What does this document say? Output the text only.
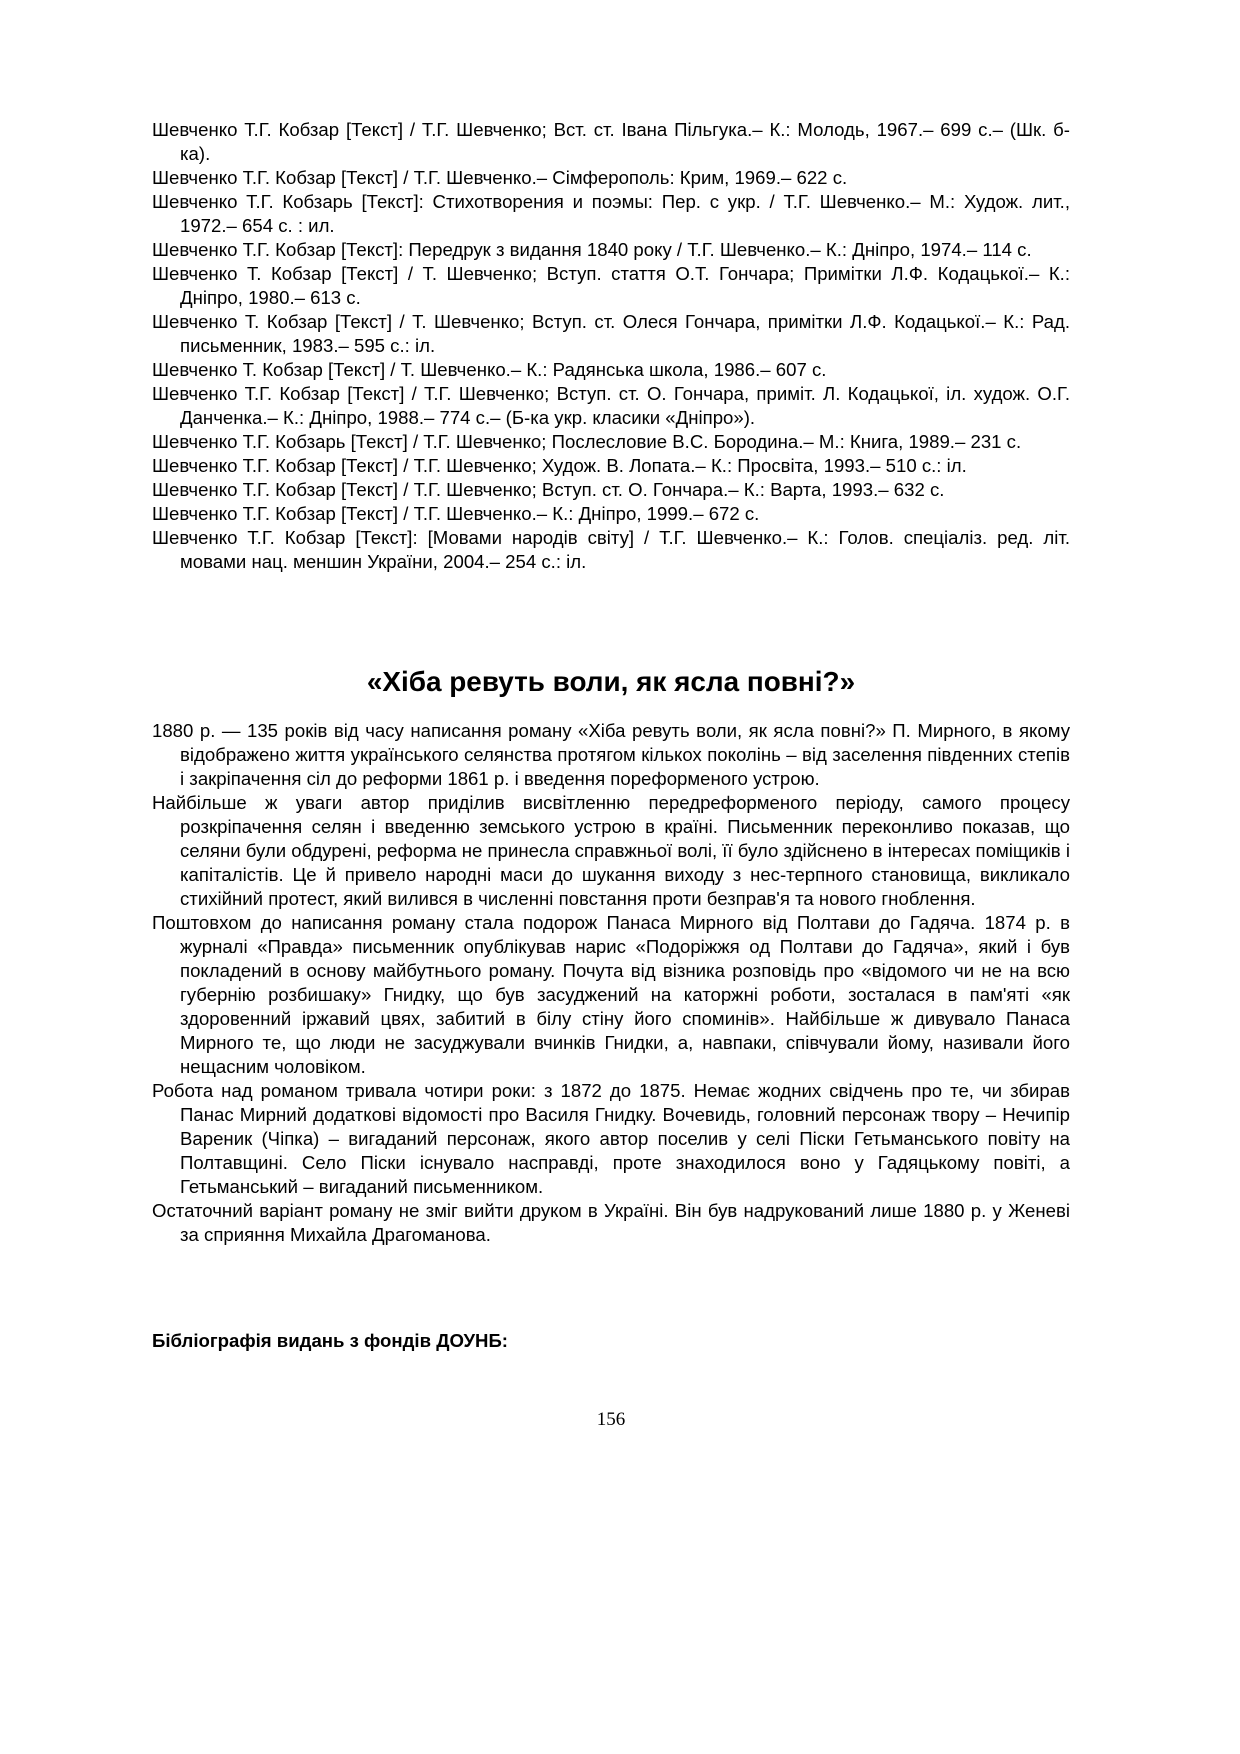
Шевченко Т.Г. Кобзар [Текст] / Т.Г. Шевченко; Вст. ст. Івана Пільгука.– К.: Молодь, 1967.– 699 с.– (Шк. б-ка).

Шевченко Т.Г. Кобзар [Текст] / Т.Г. Шевченко.– Сімферополь: Крим, 1969.– 622 с.

Шевченко Т.Г. Кобзарь [Текст]: Стихотворения и поэмы: Пер. с укр. / Т.Г. Шевченко.– М.: Худож. лит., 1972.– 654 с. : ил.

Шевченко Т.Г. Кобзар [Текст]: Передрук з видання 1840 року / Т.Г. Шевченко.– К.: Дніпро, 1974.– 114 с.

Шевченко Т. Кобзар [Текст] / Т. Шевченко; Вступ. стаття О.Т. Гончара; Примітки Л.Ф. Кодацької.– К.: Дніпро, 1980.– 613 с.

Шевченко Т. Кобзар [Текст] / Т. Шевченко; Вступ. ст. Олеся Гончара, примітки Л.Ф. Кодацької.– К.: Рад. письменник, 1983.– 595 с.: іл.

Шевченко Т. Кобзар [Текст] / Т. Шевченко.– К.: Радянська школа, 1986.– 607 с.

Шевченко Т.Г. Кобзар [Текст] / Т.Г. Шевченко; Вступ. ст. О. Гончара, приміт. Л. Кодацької, іл. худож. О.Г. Данченка.– К.: Дніпро, 1988.– 774 с.– (Б-ка укр. класики «Дніпро»).

Шевченко Т.Г. Кобзарь [Текст] / Т.Г. Шевченко; Послесловие В.С. Бородина.– М.: Книга, 1989.– 231 с.

Шевченко Т.Г. Кобзар [Текст] / Т.Г. Шевченко; Худож. В. Лопата.– К.: Просвіта, 1993.– 510 с.: іл.

Шевченко Т.Г. Кобзар [Текст] / Т.Г. Шевченко; Вступ. ст. О. Гончара.– К.: Варта, 1993.– 632 с.

Шевченко Т.Г. Кобзар [Текст] / Т.Г. Шевченко.– К.: Дніпро, 1999.– 672 с.

Шевченко Т.Г. Кобзар [Текст]: [Мовами народів світу] / Т.Г. Шевченко.– К.: Голов. спеціаліз. ред. літ. мовами нац. меншин України, 2004.– 254 с.: іл.

«Хіба ревуть воли, як ясла повні?»

1880 р. — 135 років від часу написання роману «Хіба ревуть воли, як ясла повні?» П. Мирного, в якому відображено життя українського селянства протягом кількох поколінь – від заселення південних степів і закріпачення сіл до реформи 1861 р. і введення пореформеного устрою.

Найбільше ж уваги автор приділив висвітленню передреформеного періоду, самого процесу розкріпачення селян і введенню земського устрою в країні. Письменник переконливо показав, що селяни були обдурені, реформа не принесла справжньої волі, її було здійснено в інтересах поміщиків і капіталістів. Це й привело народні маси до шукання виходу з нес-терпного становища, викликало стихійний протест, який вилився в численні повстання проти безправ'я та нового гноблення.

Поштовхом до написання роману стала подорож Панаса Мирного від Полтави до Гадяча. 1874 р. в журналі «Правда» письменник опублікував нарис «Подоріжжя од Полтави до Гадяча», який і був покладений в основу майбутнього роману. Почута від візника розповідь про «відомого чи не на всю губернію розбишаку» Гнидку, що був засуджений на каторжні роботи, зосталася в пам'яті «як здоровенний іржавий цвях, забитий в білу стіну його споминів». Найбільше ж дивувало Панаса Мирного те, що люди не засуджували вчинків Гнидки, а, навпаки, співчували йому, називали його нещасним чоловіком.

Робота над романом тривала чотири роки: з 1872 до 1875. Немає жодних свідчень про те, чи збирав Панас Мирний додаткові відомості про Василя Гнидку. Вочевидь, головний персонаж твору – Нечипір Вареник (Чіпка) – вигаданий персонаж, якого автор поселив у селі Піски Гетьманського повіту на Полтавщині. Село Піски існувало насправді, проте знаходилося воно у Гадяцькому повіті, а Гетьманський – вигаданий письменником.

Остаточний варіант роману не зміг вийти друком в Україні. Він був надрукований лише 1880 р. у Женеві за сприяння Михайла Драгоманова.

Бібліографія видань з фондів ДОУНБ:

156
